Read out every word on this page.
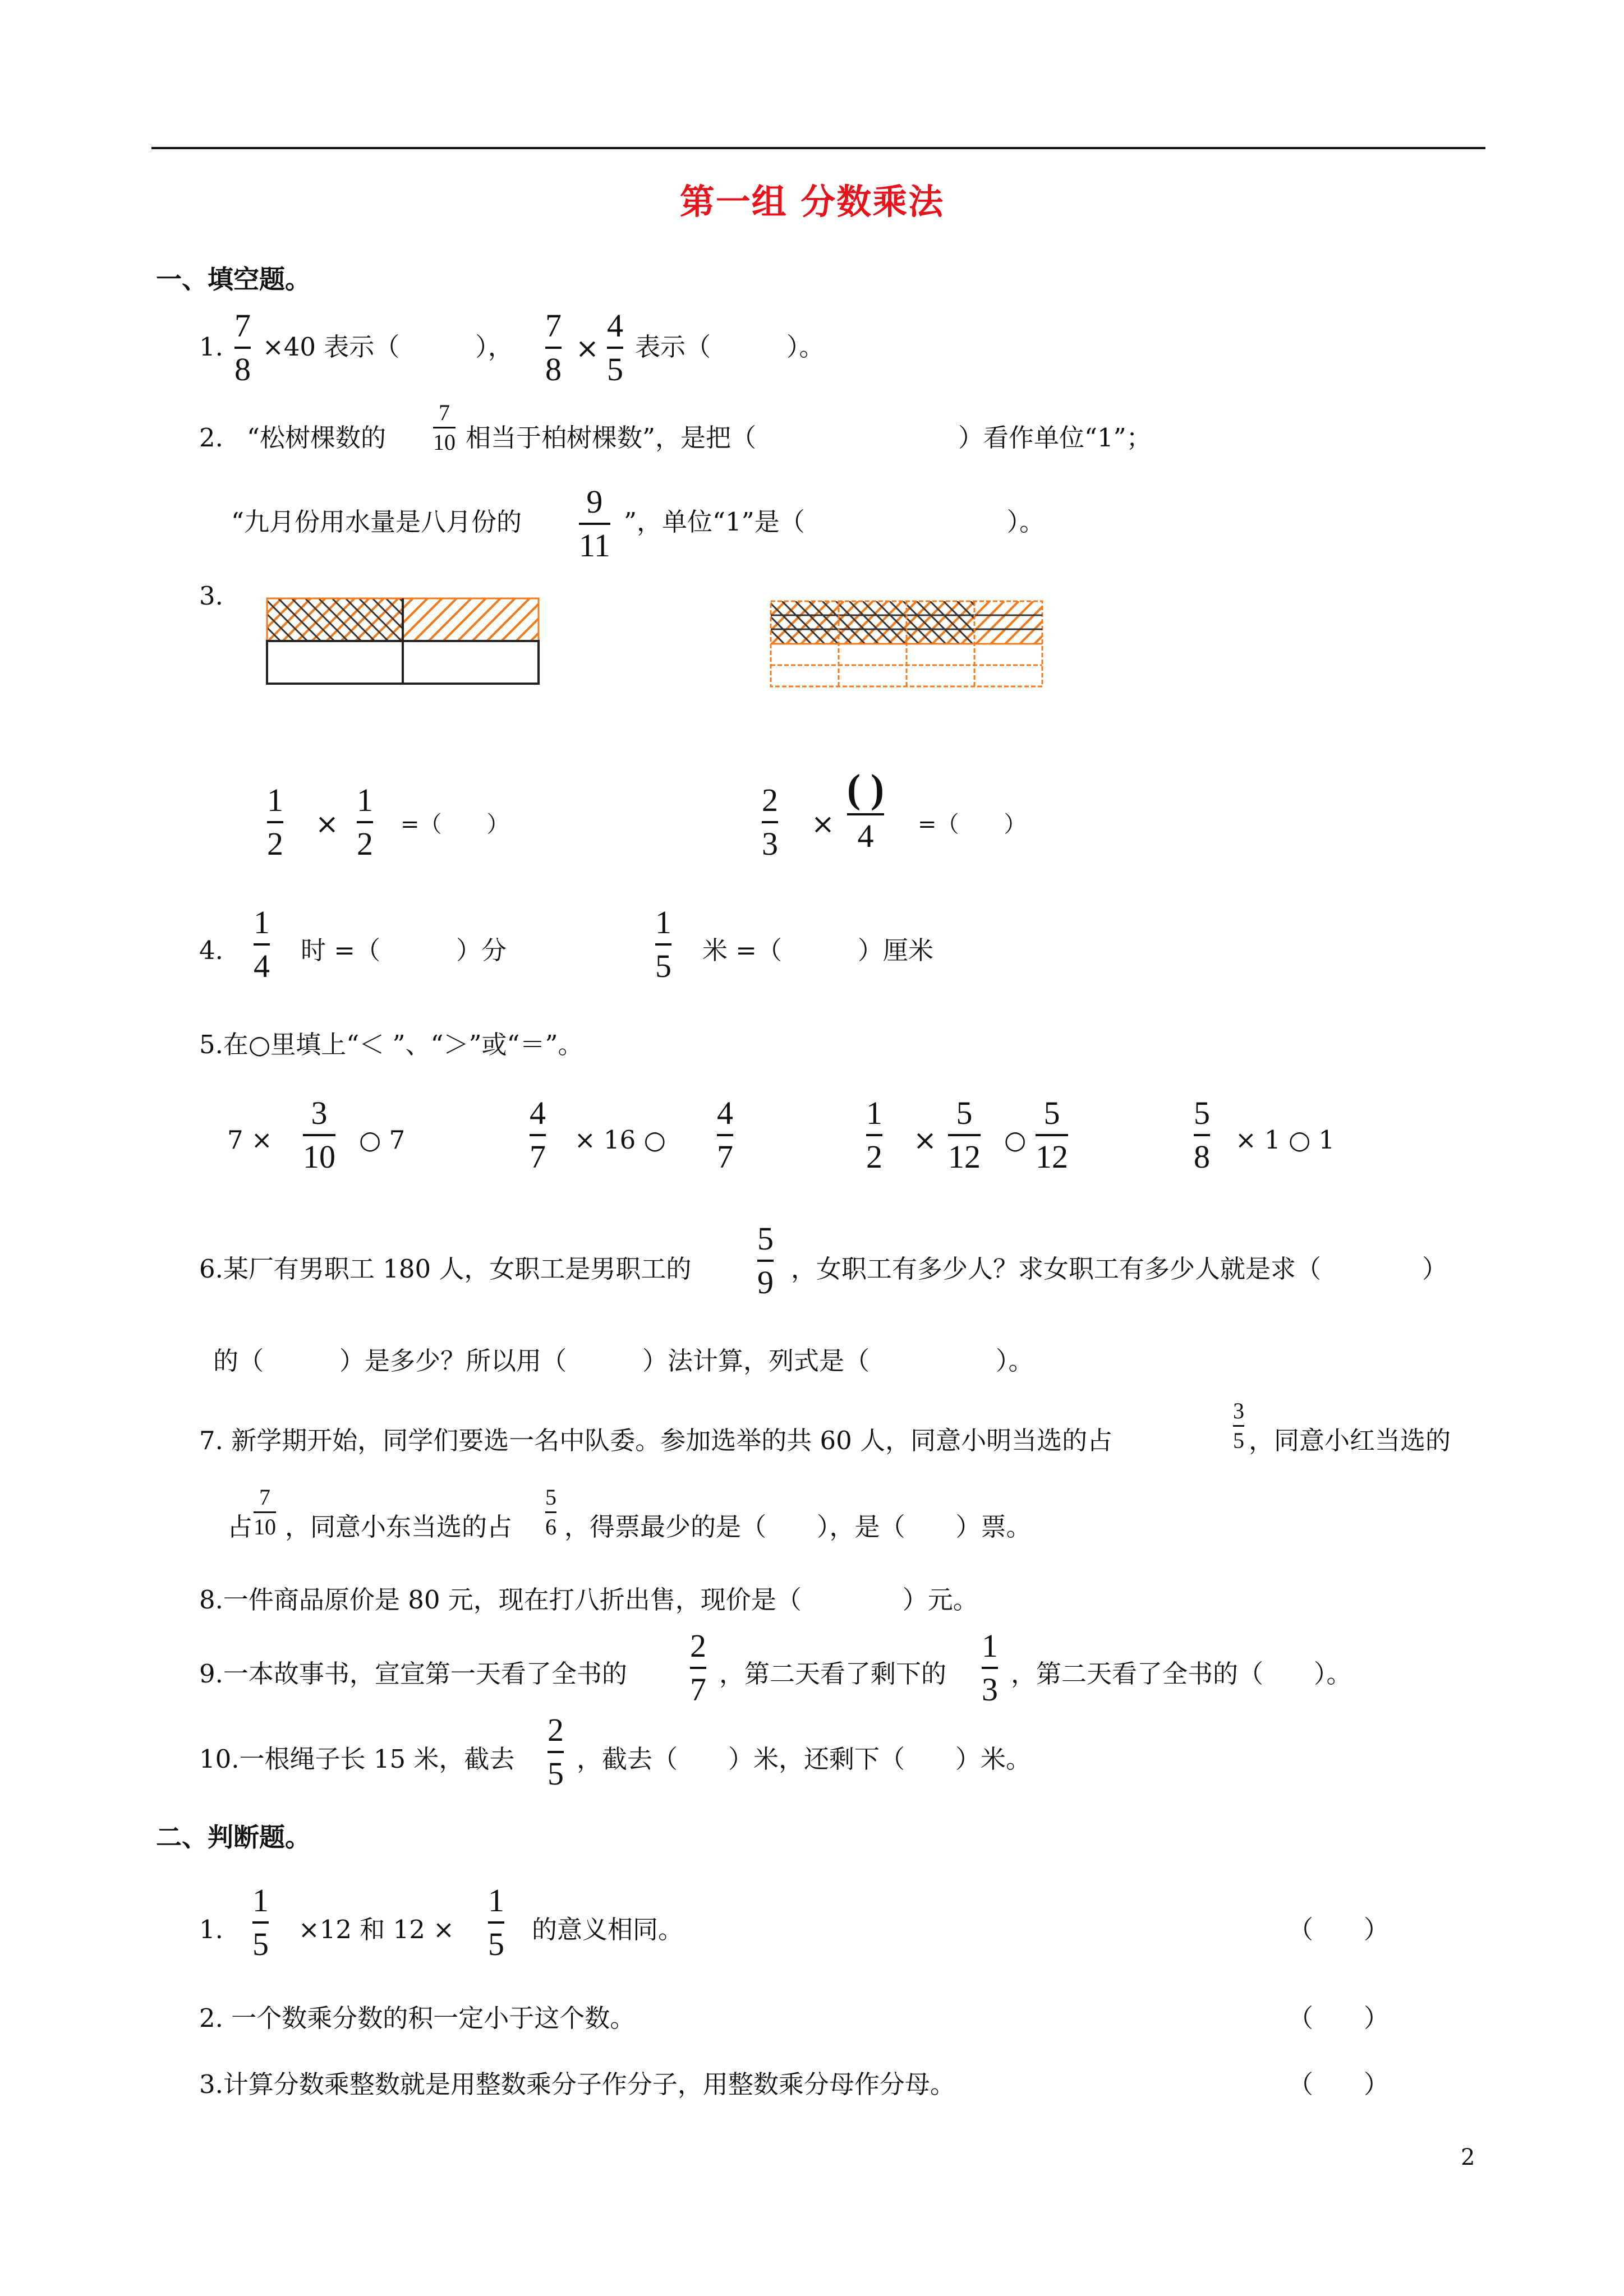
第一组 分数乘法
一、填空题。
1.
7
8
×40 表示（　　　），
7
8
×
4
5
表示（　　　）。
2. “松树棵数的
7
10 相当于柏树棵数”，是把（　　　　　　　　）看作单位“1”；
“九月份用水量是八月份的
9
11
”，单位“1”是（　　　　　　　　）。
3.
1
2
×
1
2
=（　　）
2
3
×
( )
4 =（　　）
4.
1
4 时 =（　　　）分
1
5 米 =（　　　）厘米
5.在○里填上“＜ ”、“＞”或“＝”。
7 ×
3
10 ○ 7
4
7 × 16 ○
4
7
1
2 ×
5
12 ○
5
12
5
8 × 1 ○ 1
6.某厂有男职工 180 人，女职工是男职工的
5
9 ，女职工有多少人？求女职工有多少人就是求（　　　　）
的（　　　）是多少？所以用（　　　）法计算，列式是（　　　　　）。
7. 新学期开始，同学们要选一名中队委。参加选举的共 60 人，同意小明当选的占
3
5 ，同意小红当选的
占
7
10 ，同意小东当选的占
5
6 ，得票最少的是（　　），是（　　）票。
8.一件商品原价是 80 元，现在打八折出售，现价是（　　　　）元。
9.一本故事书，宣宣第一天看了全书的
2
7 ，第二天看了剩下的
1
3 ，第二天看了全书的（　　）。
10.一根绳子长 15 米，截去
2
5 ，截去（　　）米，还剩下（　　）米。
二、判断题。
1.
1
5 ×12 和 12 ×
1
5 的意义相同。	（　　）
2. 一个数乘分数的积一定小于这个数。	（　　）
3.计算分数乘整数就是用整数乘分子作分子，用整数乘分母作分母。	（　　）
2
